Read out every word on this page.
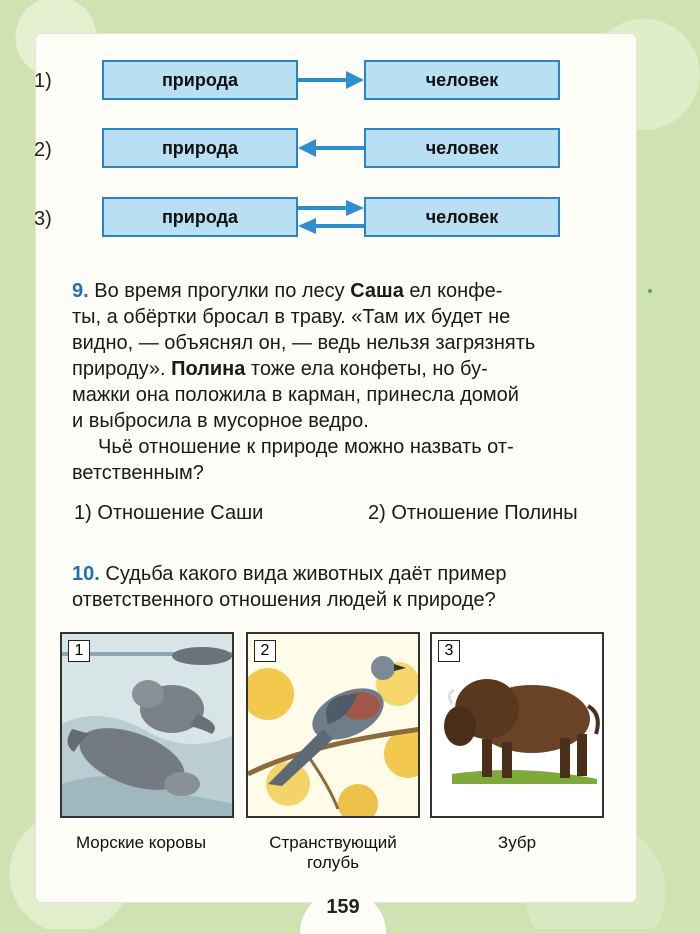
1)	природа	человек
2)	природа	человек
3)	природа	человек
9. Во время прогулки по лесу Саша ел конфе-
ты, а обёртки бросал в траву. «Там их будет не
видно, — объяснял он, — ведь нельзя загрязнять
природу». Полина тоже ела конфеты, но бу-
мажки она положила в карман, принесла домой
и выбросила в мусорное ведро.
Чьё отношение к природе можно назвать от-
ветственным?
1) Отношение Саши	2) Отношение Полины
10. Судьба какого вида животных даёт пример
ответственного отношения людей к природе?
1	2	3
Морские коровы	Странствующий голубь
Зубр
159
